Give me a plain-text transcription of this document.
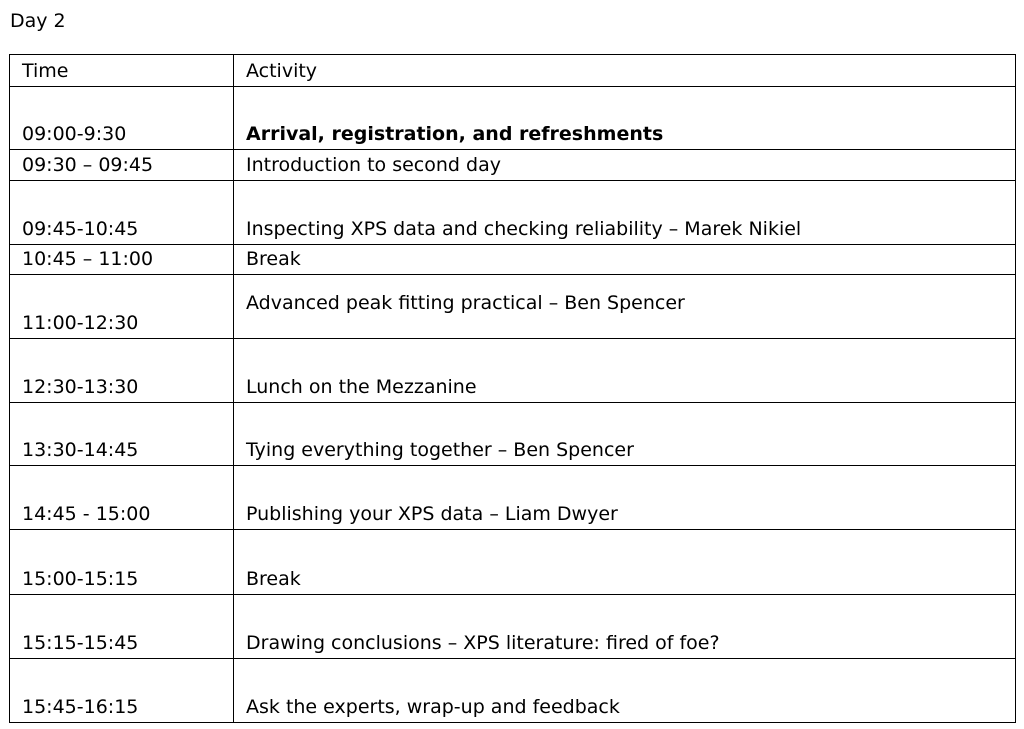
Day 2
Time	Activity
09:00-9:30	Arrival, registration, and refreshments
09:30 – 09:45	Introduction to second day
09:45-10:45	Inspecting XPS data and checking reliability – Marek Nikiel
10:45 – 11:00	Break
11:00-12:30	Advanced peak fitting practical – Ben Spencer
12:30-13:30	Lunch on the Mezzanine
13:30-14:45	Tying everything together – Ben Spencer
14:45 - 15:00	Publishing your XPS data – Liam Dwyer
15:00-15:15	Break
15:15-15:45	Drawing conclusions – XPS literature: fired of foe?
15:45-16:15	Ask the experts, wrap-up and feedback
